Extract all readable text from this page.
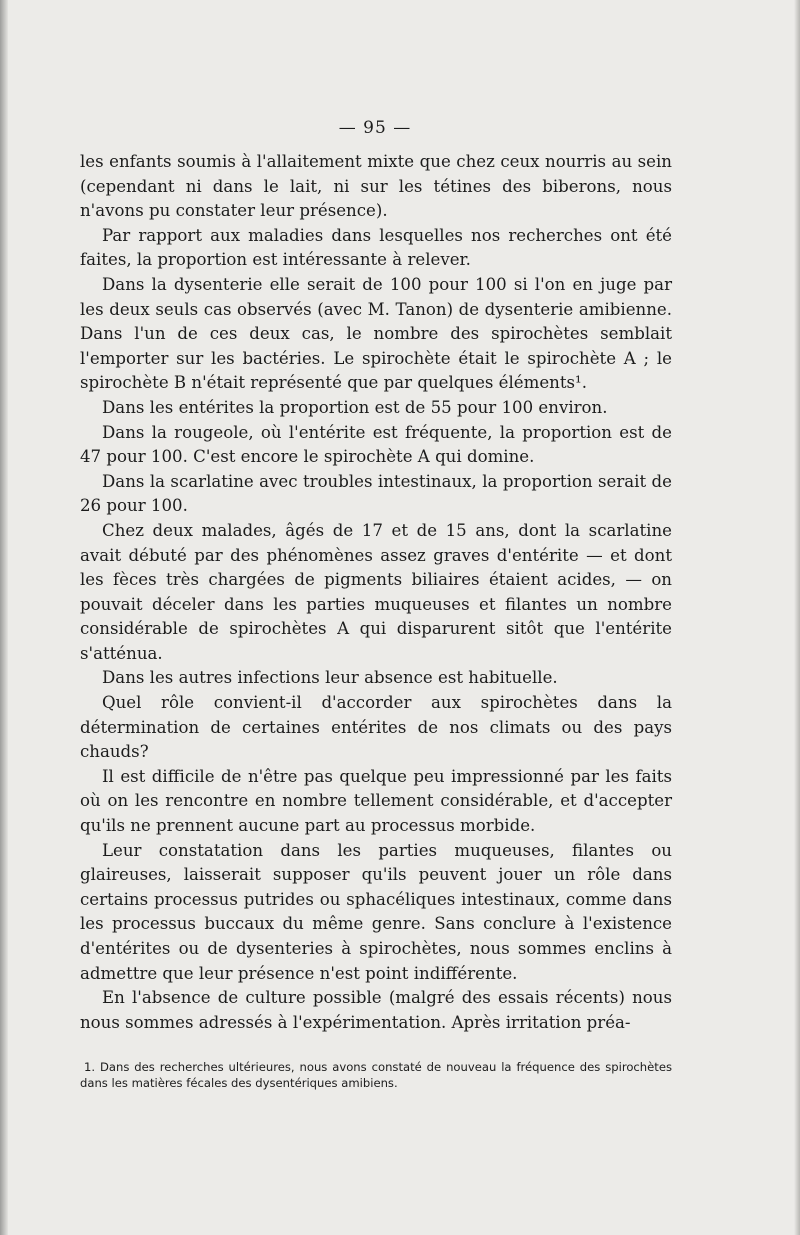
— 95 —

les enfants soumis à l'allaitement mixte que chez ceux nourris au sein (cependant ni dans le lait, ni sur les tétines des biberons, nous n'avons pu constater leur présence).

Par rapport aux maladies dans lesquelles nos recherches ont été faites, la proportion est intéressante à relever.

Dans la dysenterie elle serait de 100 pour 100 si l'on en juge par les deux seuls cas observés (avec M. Tanon) de dysenterie amibienne. Dans l'un de ces deux cas, le nombre des spirochètes semblait l'emporter sur les bactéries. Le spirochète était le spirochète A ; le spirochète B n'était représenté que par quelques éléments¹.

Dans les entérites la proportion est de 55 pour 100 environ.

Dans la rougeole, où l'entérite est fréquente, la proportion est de 47 pour 100. C'est encore le spirochète A qui domine.

Dans la scarlatine avec troubles intestinaux, la proportion serait de 26 pour 100.

Chez deux malades, âgés de 17 et de 15 ans, dont la scarlatine avait débuté par des phénomènes assez graves d'entérite — et dont les fèces très chargées de pigments biliaires étaient acides, — on pouvait déceler dans les parties muqueuses et filantes un nombre considérable de spirochètes A qui disparurent sitôt que l'entérite s'atténua.

Dans les autres infections leur absence est habituelle.

Quel rôle convient-il d'accorder aux spirochètes dans la détermination de certaines entérites de nos climats ou des pays chauds?

Il est difficile de n'être pas quelque peu impressionné par les faits où on les rencontre en nombre tellement considérable, et d'accepter qu'ils ne prennent aucune part au processus morbide.

Leur constatation dans les parties muqueuses, filantes ou glaireuses, laisserait supposer qu'ils peuvent jouer un rôle dans certains processus putrides ou sphacéliques intestinaux, comme dans les processus buccaux du même genre. Sans conclure à l'existence d'entérites ou de dysenteries à spirochètes, nous sommes enclins à admettre que leur présence n'est point indifférente.

En l'absence de culture possible (malgré des essais récents) nous nous sommes adressés à l'expérimentation. Après irritation préa-

1. Dans des recherches ultérieures, nous avons constaté de nouveau la fréquence des spirochètes dans les matières fécales des dysentériques amibiens.
